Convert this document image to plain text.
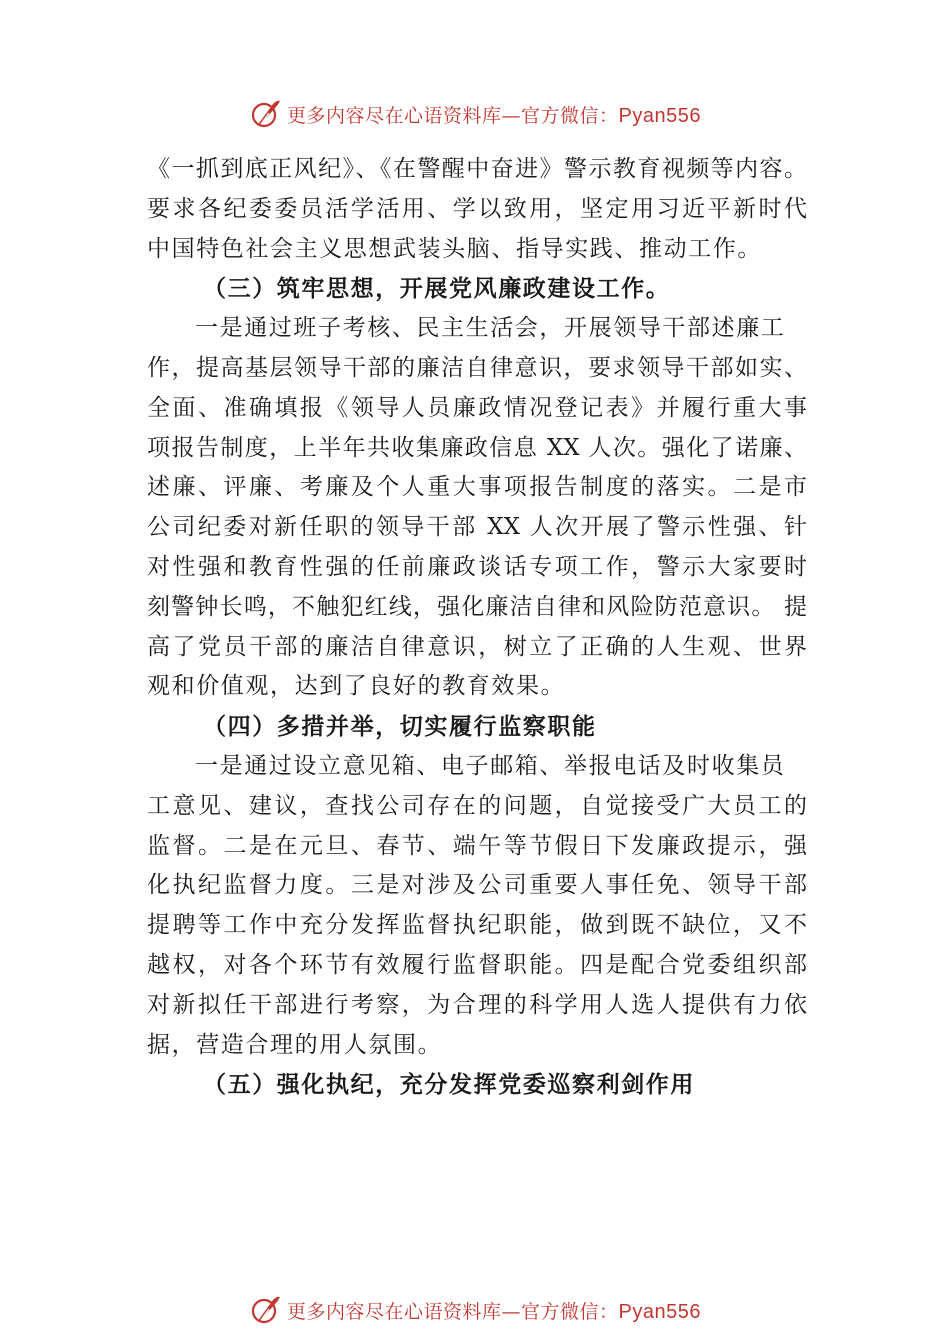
更多内容尽在心语资料库—官方微信：Pyan556
《一抓到底正风纪》、《在警醒中奋进》警示教育视频等内容。
要求各纪委委员活学活用、学以致用，坚定用习近平新时代
中国特色社会主义思想武装头脑、指导实践、推动工作。
（三）筑牢思想，开展党风廉政建设工作。
一是通过班子考核、民主生活会，开展领导干部述廉工
作，提高基层领导干部的廉洁自律意识，要求领导干部如实、
全面、准确填报《领导人员廉政情况登记表》并履行重大事
项报告制度，上半年共收集廉政信息 XX 人次。强化了诺廉、
述廉、评廉、考廉及个人重大事项报告制度的落实。二是市
公司纪委对新任职的领导干部 XX 人次开展了警示性强、针
对性强和教育性强的任前廉政谈话专项工作，警示大家要时
刻警钟长鸣，不触犯红线，强化廉洁自律和风险防范意识。 提
高了党员干部的廉洁自律意识，树立了正确的人生观、世界
观和价值观，达到了良好的教育效果。
（四）多措并举，切实履行监察职能
一是通过设立意见箱、电子邮箱、举报电话及时收集员
工意见、建议，查找公司存在的问题，自觉接受广大员工的
监督。二是在元旦、春节、端午等节假日下发廉政提示，强
化执纪监督力度。三是对涉及公司重要人事任免、领导干部
提聘等工作中充分发挥监督执纪职能，做到既不缺位，又不
越权，对各个环节有效履行监督职能。四是配合党委组织部
对新拟任干部进行考察，为合理的科学用人选人提供有力依
据，营造合理的用人氛围。
（五）强化执纪，充分发挥党委巡察利剑作用
更多内容尽在心语资料库—官方微信：Pyan556
